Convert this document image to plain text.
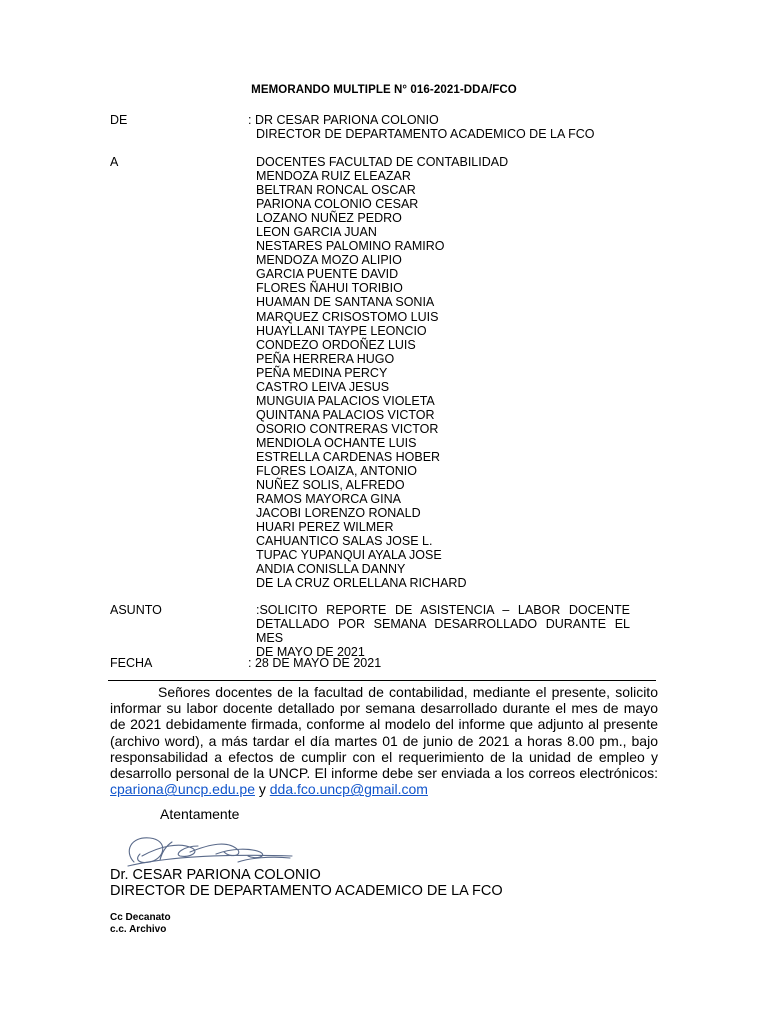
MEMORANDO MULTIPLE N° 016-2021-DDA/FCO
DE	: DR CESAR PARIONA COLONIO
DIRECTOR DE DEPARTAMENTO ACADEMICO DE LA FCO
A	DOCENTES FACULTAD DE CONTABILIDAD
MENDOZA RUIZ ELEAZAR
BELTRAN RONCAL OSCAR
PARIONA COLONIO CESAR
LOZANO NUÑEZ PEDRO
LEON GARCIA JUAN
NESTARES PALOMINO RAMIRO
MENDOZA MOZO ALIPIO
GARCIA PUENTE DAVID
FLORES ÑAHUI TORIBIO
HUAMAN DE SANTANA SONIA
MARQUEZ CRISOSTOMO LUIS
HUAYLLANI TAYPE LEONCIO
CONDEZO ORDOÑEZ LUIS
PEÑA HERRERA HUGO
PEÑA MEDINA PERCY
CASTRO LEIVA JESUS
MUNGUIA PALACIOS VIOLETA
QUINTANA PALACIOS VICTOR
OSORIO CONTRERAS VICTOR
MENDIOLA OCHANTE LUIS
ESTRELLA CARDENAS HOBER
FLORES LOAIZA, ANTONIO
NUÑEZ SOLIS, ALFREDO
RAMOS MAYORCA GINA
JACOBI LORENZO RONALD
HUARI PEREZ WILMER
CAHUANTICO SALAS JOSE L.
TUPAC YUPANQUI AYALA JOSE
ANDIA CONISLLA DANNY
DE LA CRUZ ORLELLANA RICHARD
ASUNTO	:SOLICITO REPORTE DE ASISTENCIA – LABOR DOCENTE
DETALLADO POR SEMANA DESARROLLADO DURANTE EL MES
DE MAYO DE 2021
FECHA	: 28 DE MAYO DE 2021
Señores docentes de la facultad de contabilidad, mediante el presente, solicito
informar su labor docente detallado por semana desarrollado durante el mes de mayo
de 2021 debidamente firmada, conforme al modelo del informe que adjunto al presente
(archivo word), a más tardar el día martes 01 de junio de 2021 a horas 8.00 pm., bajo
responsabilidad a efectos de cumplir con el requerimiento de la unidad de empleo y
desarrollo personal de la UNCP. El informe debe ser enviada a los correos electrónicos:
cpariona@uncp.edu.pe y dda.fco.uncp@gmail.com
Atentamente
Dr. CESAR PARIONA COLONIO
DIRECTOR DE DEPARTAMENTO ACADEMICO DE LA FCO
Cc Decanato
c.c. Archivo
